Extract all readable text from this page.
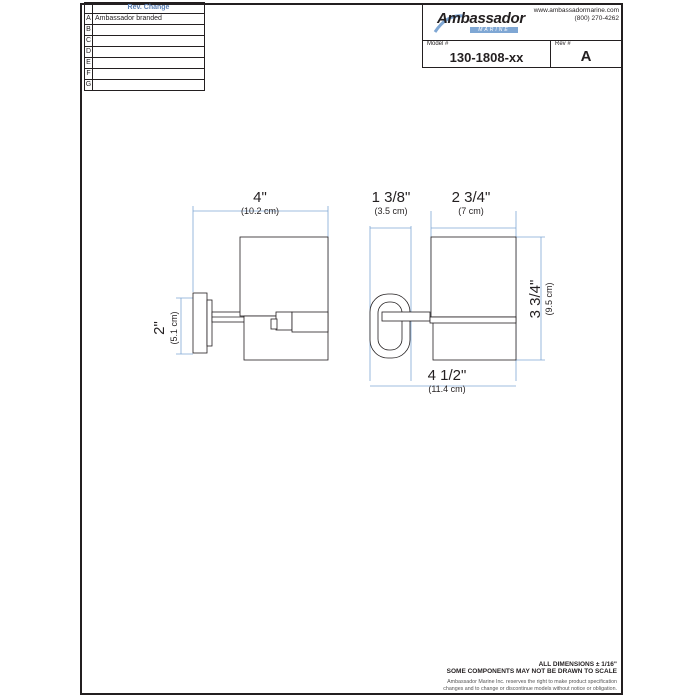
	Rev. Change
A	Ambassador branded
B	
C	
D	
E	
F	
G	
Ambassador
MARINE
www.ambassadormarine.com
(800) 270-4262
Model #
130-1808-xx
Rev #
A
4"
(10.2 cm)
2" (5.1 cm)
1 3/8"
(3.5 cm)
2 3/4"
(7 cm)
3 3/4" (9.5 cm)
4 1/2"
(11.4 cm)
ALL DIMENSIONS ± 1/16"
SOME COMPONENTS MAY NOT BE DRAWN TO SCALE
Ambassador Marine Inc. reserves the right to make product specification
changes and to change or discontinue models without notice or obligation.
